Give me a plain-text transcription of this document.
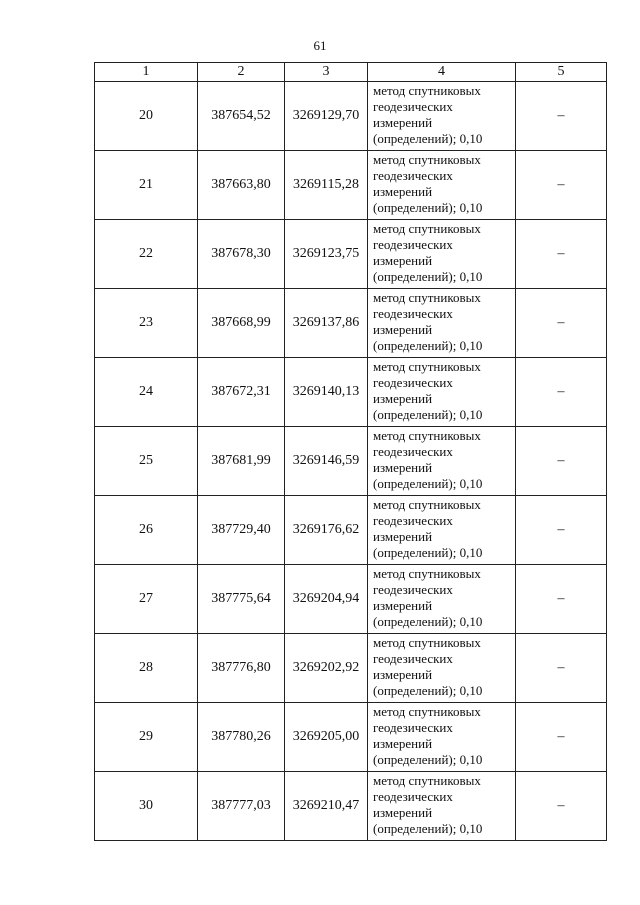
61
1	2	3	4	5
20	387654,52	3269129,70	метод спутниковых геодезических измерений (определений); 0,10	–
21	387663,80	3269115,28	метод спутниковых геодезических измерений (определений); 0,10	–
22	387678,30	3269123,75	метод спутниковых геодезических измерений (определений); 0,10	–
23	387668,99	3269137,86	метод спутниковых геодезических измерений (определений); 0,10	–
24	387672,31	3269140,13	метод спутниковых геодезических измерений (определений); 0,10	–
25	387681,99	3269146,59	метод спутниковых геодезических измерений (определений); 0,10	–
26	387729,40	3269176,62	метод спутниковых геодезических измерений (определений); 0,10	–
27	387775,64	3269204,94	метод спутниковых геодезических измерений (определений); 0,10	–
28	387776,80	3269202,92	метод спутниковых геодезических измерений (определений); 0,10	–
29	387780,26	3269205,00	метод спутниковых геодезических измерений (определений); 0,10	–
30	387777,03	3269210,47	метод спутниковых геодезических измерений (определений); 0,10	–
